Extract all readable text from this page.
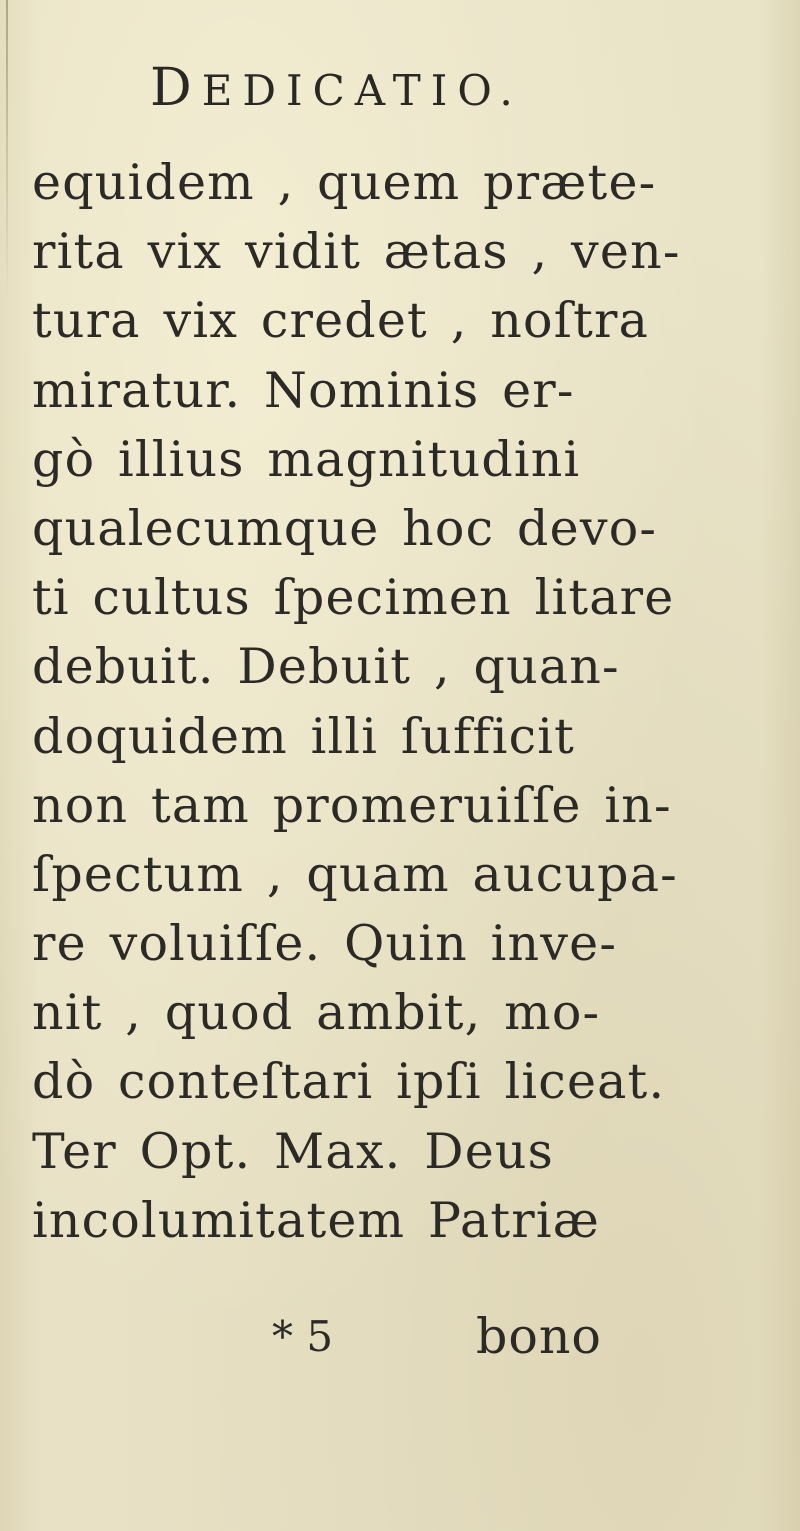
DEDICATIO.
equidem , quem præte-
rita vix vidit ætas , ven-
tura vix credet , noſtra
miratur. Nominis er-
gò illius magnitudini
qualecumque hoc devo-
ti cultus ſpecimen litare
debuit. Debuit , quan-
doquidem illi ſufficit
non tam promeruiſſe in-
ſpectum , quam aucupa-
re voluiſſe. Quin inve-
nit , quod ambit, mo-
dò conteſtari ipſi liceat.
Ter Opt. Max. Deus
incolumitatem Patriæ
* 5	bono
